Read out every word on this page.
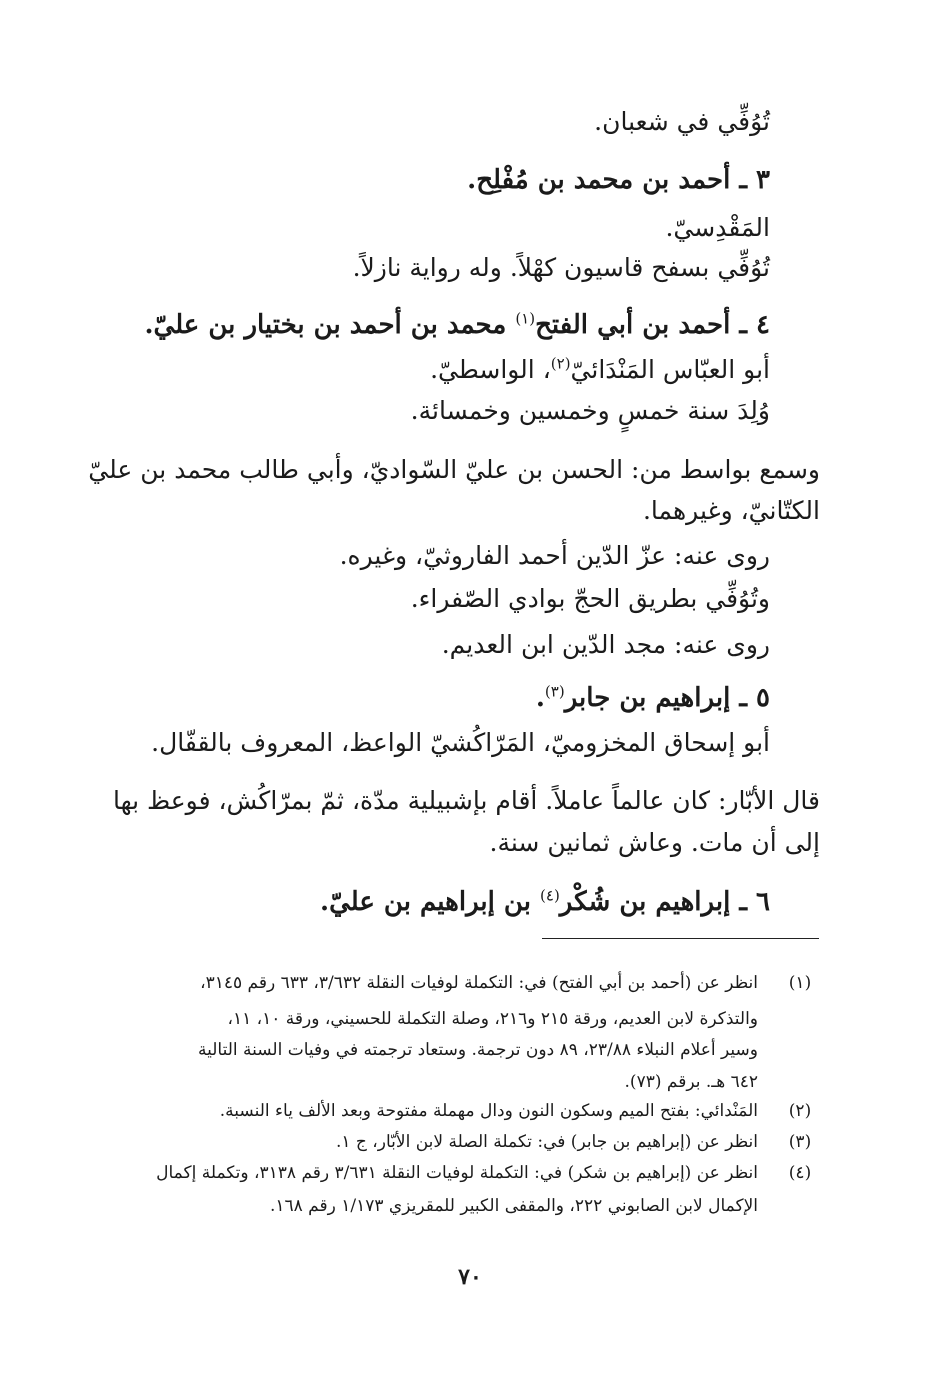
تُوُفِّي في شعبان.
٣ ـ أحمد بن محمد بن مُفْلِح.
المَقْدِسيّ.
تُوُفِّي بسفح قاسيون كهْلاً. وله رواية نازلاً.
٤ ـ أحمد بن أبي الفتح$^{(١)}$ محمد بن أحمد بن بختيار بن عليّ.
أبو العبّاس المَنْدَائيّ$^{(٢)}$، الواسطيّ.
وُلِدَ سنة خمسٍ وخمسين وخمسائة.
وسمع بواسط من: الحسن بن عليّ السّواديّ، وأبي طالب محمد بن عليّ
الكتّانيّ، وغيرهما.
روى عنه: عزّ الدّين أحمد الفاروثيّ، وغيره.
وتُوُفِّي بطريق الحجّ بوادي الصّفراء.
روى عنه: مجد الدّين ابن العديم.
٥ ـ إبراهيم بن جابر$^{(٣)}$.
أبو إسحاق المخزوميّ، المَرّاكُشيّ الواعظ، المعروف بالقفّال.
قال الأبّار: كان عالماً عاملاً. أقام بإشبيلية مدّة، ثمّ بمرّاكُش، فوعظ بها
إلى أن مات. وعاش ثمانين سنة.
٦ ـ إبراهيم بن شُكْر$^{(٤)}$ بن إبراهيم بن عليّ.
(١)
انظر عن (أحمد بن أبي الفتح) في: التكملة لوفيات النقلة ٣/٦٣٢، ٦٣٣ رقم ٣١٤٥،
والتذكرة لابن العديم، ورقة ٢١٥ و٢١٦، وصلة التكملة للحسيني، ورقة ١٠، ١١،
وسير أعلام النبلاء ٢٣/٨٨، ٨٩ دون ترجمة. وستعاد ترجمته في وفيات السنة التالية
٦٤٢ هـ. برقم (٧٣).
(٢)
المَنْدائي: بفتح الميم وسكون النون ودال مهملة مفتوحة وبعد الألف ياء النسبة.
(٣)
انظر عن (إبراهيم بن جابر) في: تكملة الصلة لابن الأبّار، ج ١.
(٤)
انظر عن (إبراهيم بن شكر) في: التكملة لوفيات النقلة ٣/٦٣١ رقم ٣١٣٨، وتكملة إكمال
الإكمال لابن الصابوني ٢٢٢، والمقفى الكبير للمقريزي ١/١٧٣ رقم ١٦٨.
٧٠
